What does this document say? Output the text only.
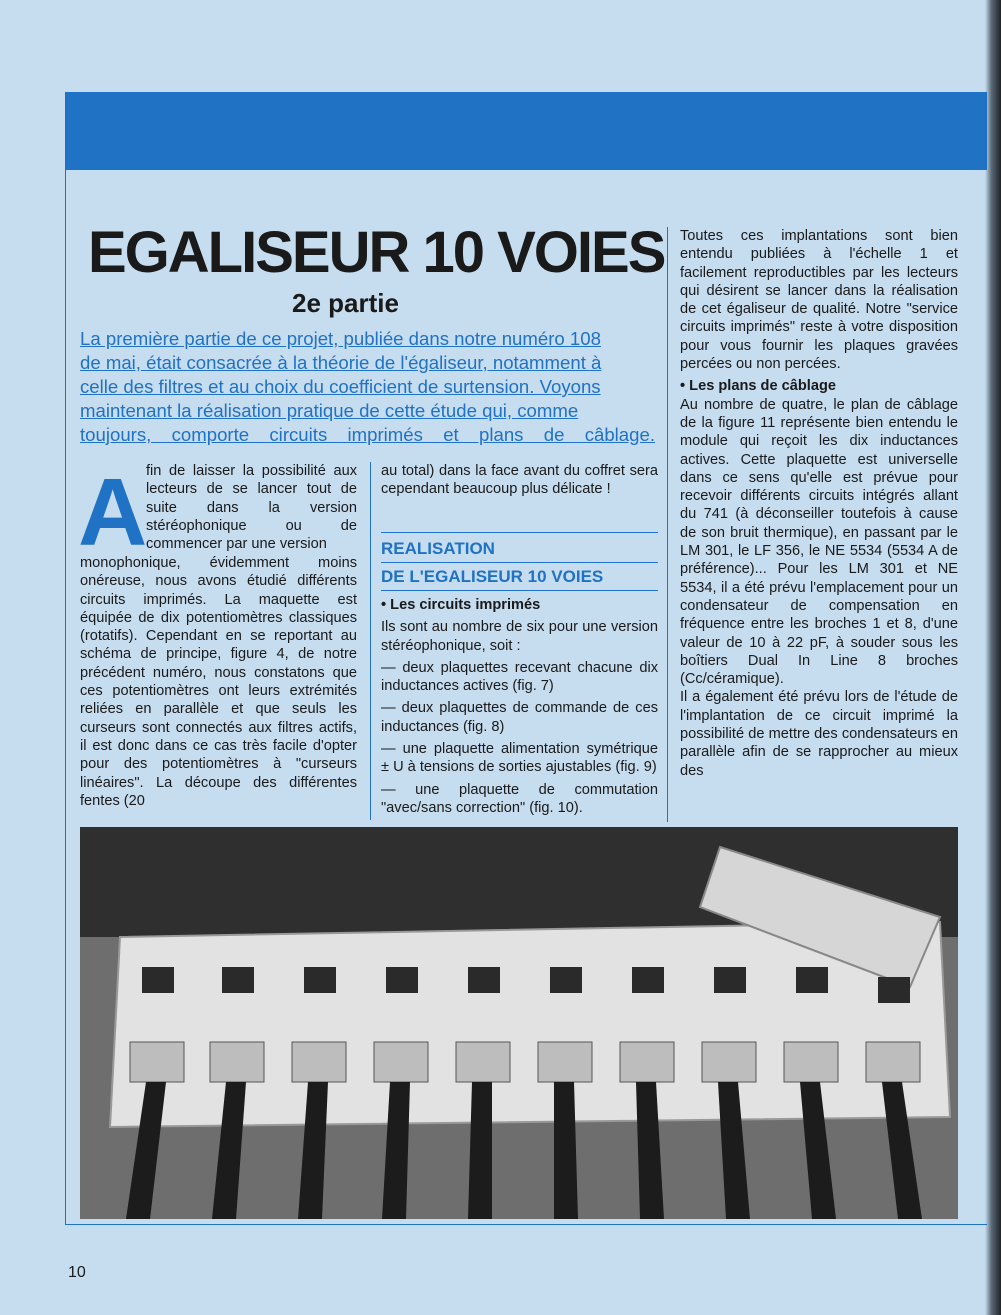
EGALISEUR 10 VOIES
2e partie
La première partie de ce projet, publiée dans notre numéro 108
de mai, était consacrée à la théorie de l'égaliseur, notamment à
celle des filtres et au choix du coefficient de surtension. Voyons
maintenant la réalisation pratique de cette étude qui, comme
toujours, comporte circuits imprimés et plans de câblage.
A
fin de laisser la possibilité aux lecteurs de se lancer tout de suite dans la version stéréophonique ou de commencer par une version
monophonique, évidemment moins onéreuse, nous avons étudié différents circuits imprimés. La maquette est équipée de dix potentiomètres classiques (rotatifs). Cependant en se reportant au schéma de principe, figure 4, de notre précédent numéro, nous constatons que ces potentiomètres ont leurs extrémités reliées en parallèle et que seuls les curseurs sont connectés aux filtres actifs, il est donc dans ce cas très facile d'opter pour des potentiomètres à "curseurs linéaires". La découpe des différentes fentes (20
au total) dans la face avant du coffret sera cependant beaucoup plus délicate !
REALISATION
DE L'EGALISEUR 10 VOIES

• Les circuits imprimés

Ils sont au nombre de six pour une version stéréophonique, soit :

— deux plaquettes recevant chacune dix inductances actives (fig. 7)

— deux plaquettes de commande de ces inductances (fig. 8)

— une plaquette alimentation symétrique ± U à tensions de sorties ajustables (fig. 9)

— une plaquette de commutation "avec/sans correction" (fig. 10).

Toutes ces implantations sont bien entendu publiées à l'échelle 1 et facilement reproductibles par les lecteurs qui désirent se lancer dans la réalisation de cet égaliseur de qualité. Notre "service circuits imprimés" reste à votre disposition pour vous fournir les plaques gravées percées ou non percées.

• Les plans de câblage

Au nombre de quatre, le plan de câblage de la figure 11 représente bien entendu le module qui reçoit les dix inductances actives. Cette plaquette est universelle dans ce sens qu'elle est prévue pour recevoir différents circuits intégrés allant du 741 (à déconseiller toutefois à cause de son bruit thermique), en passant par le LM 301, le LF 356, le NE 5534 (5534 A de préférence)... Pour les LM 301 et NE 5534, il a été prévu l'emplacement pour un condensateur de compensation en fréquence entre les broches 1 et 8, d'une valeur de 10 à 22 pF, à souder sous les boîtiers Dual In Line 8 broches (Cc/céramique).

Il a également été prévu lors de l'étude de l'implantation de ce circuit imprimé la possibilité de mettre des condensateurs en parallèle afin de se rapprocher au mieux des

10
